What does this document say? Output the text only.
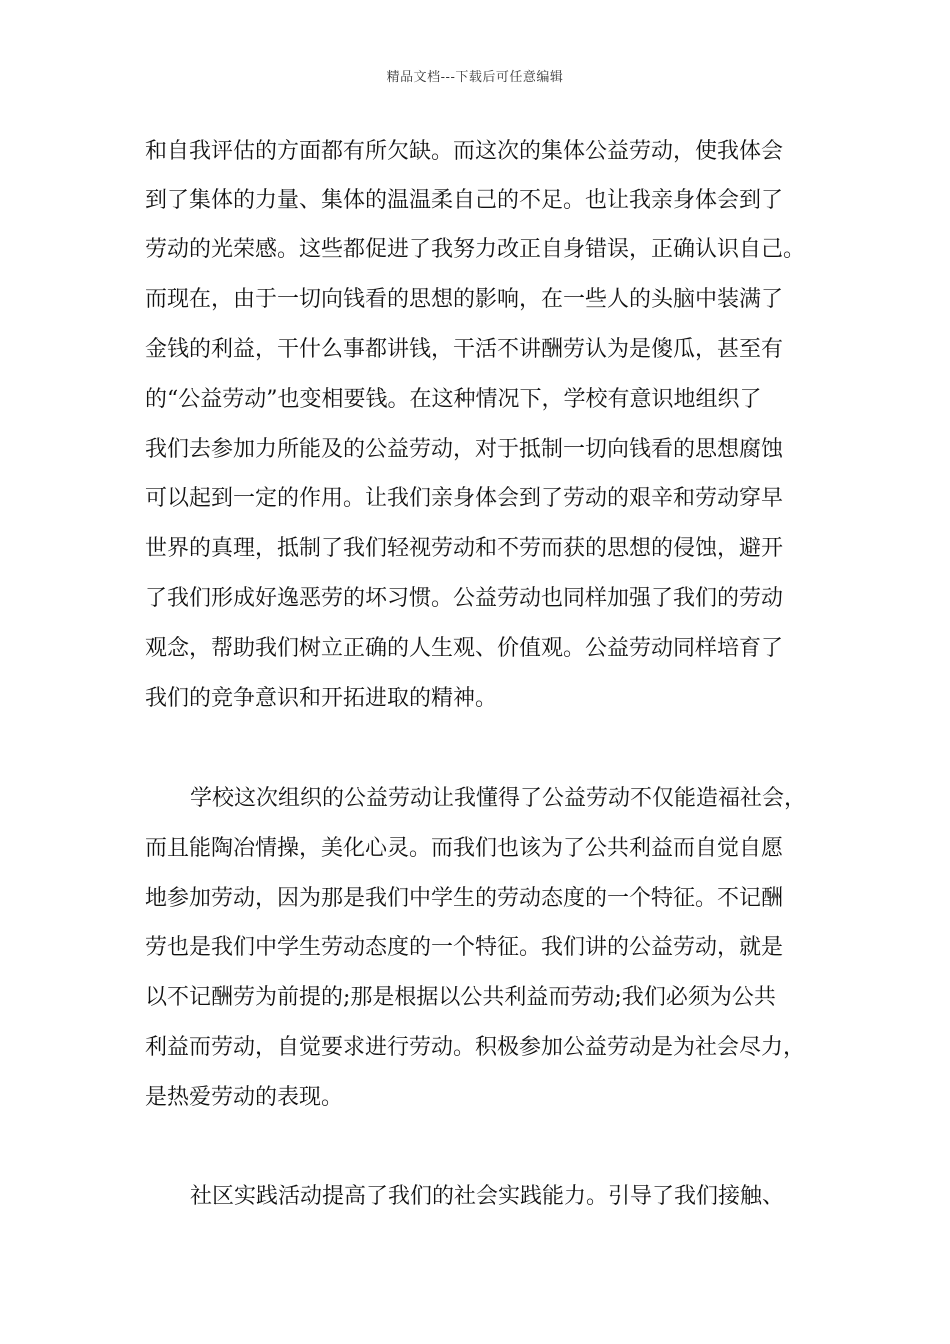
精品文档---下载后可任意编辑
和自我评估的方面都有所欠缺。而这次的集体公益劳动，使我体会
到了集体的力量、集体的温温柔自己的不足。也让我亲身体会到了
劳动的光荣感。这些都促进了我努力改正自身错误，正确认识自己。
而现在，由于一切向钱看的思想的影响，在一些人的头脑中装满了
金钱的利益，干什么事都讲钱，干活不讲酬劳认为是傻瓜，甚至有
的“公益劳动”也变相要钱。在这种情况下，学校有意识地组织了
我们去参加力所能及的公益劳动，对于抵制一切向钱看的思想腐蚀
可以起到一定的作用。让我们亲身体会到了劳动的艰辛和劳动穿早
世界的真理，抵制了我们轻视劳动和不劳而获的思想的侵蚀，避开
了我们形成好逸恶劳的坏习惯。公益劳动也同样加强了我们的劳动
观念，帮助我们树立正确的人生观、价值观。公益劳动同样培育了
我们的竞争意识和开拓进取的精神。
学校这次组织的公益劳动让我懂得了公益劳动不仅能造福社会，
而且能陶冶情操，美化心灵。而我们也该为了公共利益而自觉自愿
地参加劳动，因为那是我们中学生的劳动态度的一个特征。不记酬
劳也是我们中学生劳动态度的一个特征。我们讲的公益劳动，就是
以不记酬劳为前提的;那是根据以公共利益而劳动;我们必须为公共
利益而劳动，自觉要求进行劳动。积极参加公益劳动是为社会尽力，
是热爱劳动的表现。
社区实践活动提高了我们的社会实践能力。引导了我们接触、
